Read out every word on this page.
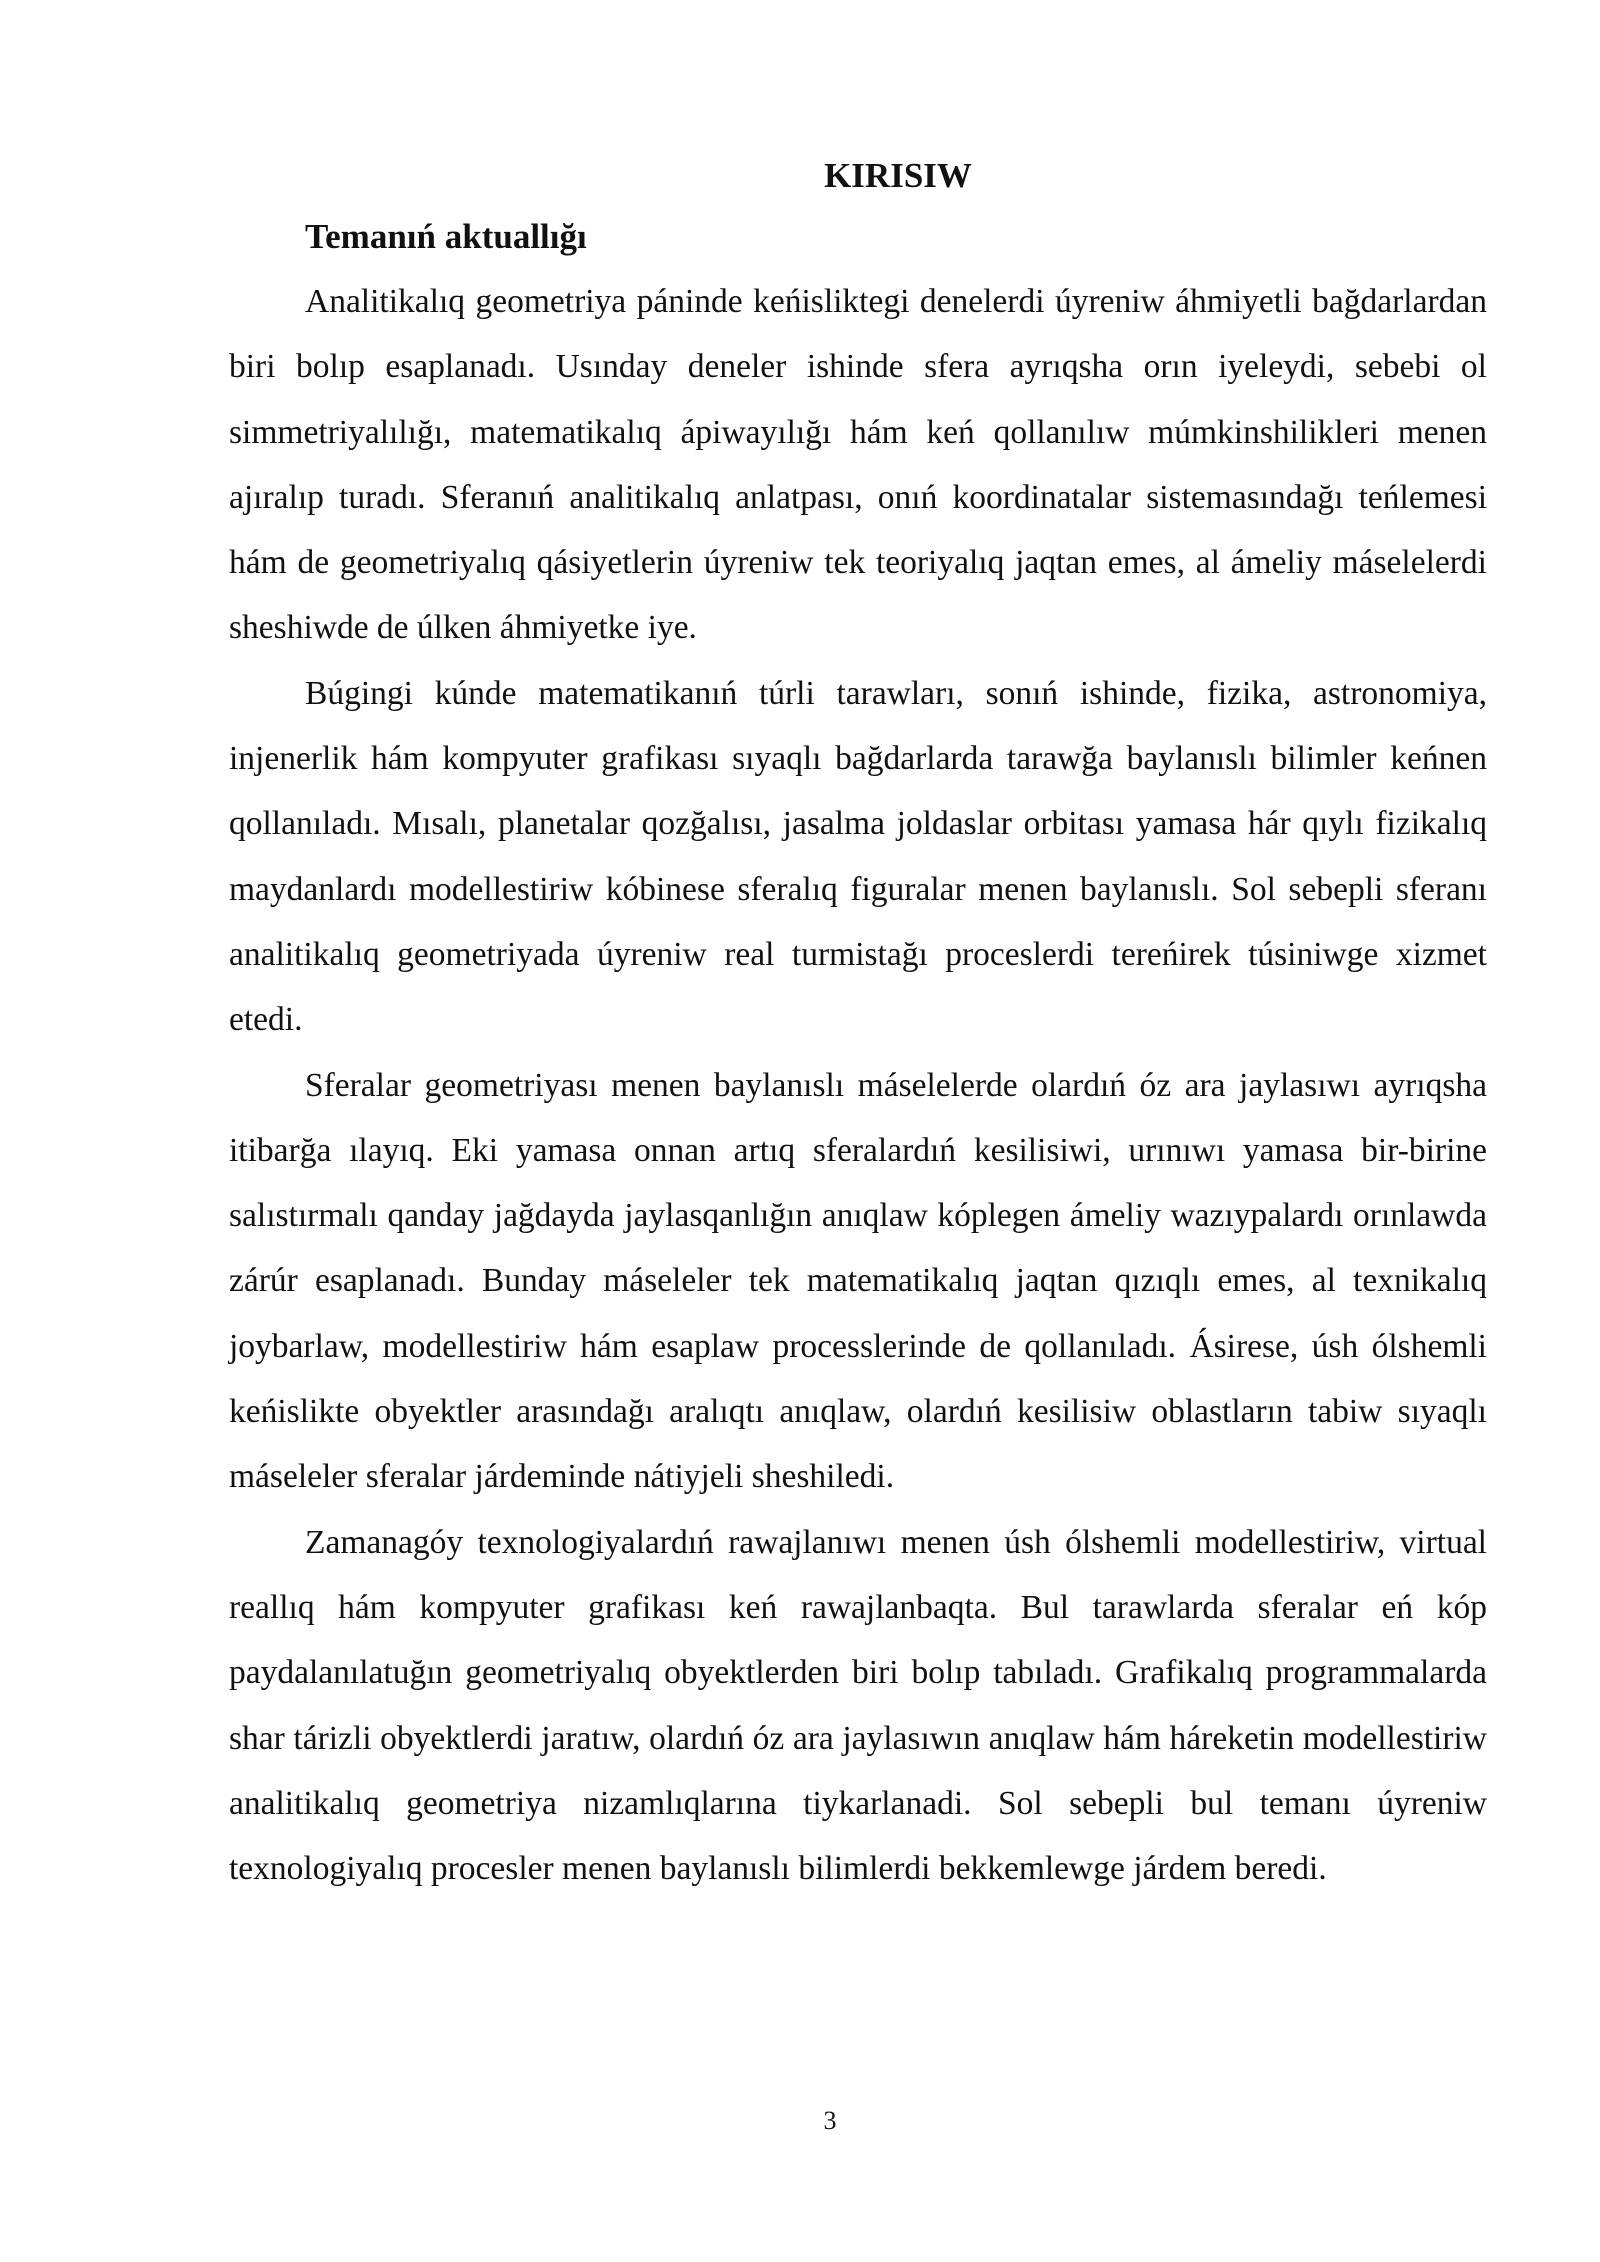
KIRISIW
Temanıń aktuallığı

Analitikalıq geometriya páninde keńisliktegi denelerdi úyreniw áhmiyetli bağdarlardan biri bolıp esaplanadı. Usınday deneler ishinde sfera ayrıqsha orın iyeleydi, sebebi ol simmetriyalılığı, matematikalıq ápiwayılığı hám keń qollanılıw múmkinshilikleri menen ajıralıp turadı. Sferanıń analitikalıq anlatpası, onıń koordinatalar sistemasındağı teńlemesi hám de geometriyalıq qásiyetlerin úyreniw tek teoriyalıq jaqtan emes, al ámeliy máselelerdi sheshiwde de úlken áhmiyetke iye.

Búgingi kúnde matematikanıń túrli tarawları, sonıń ishinde, fizika, astronomiya, injenerlik hám kompyuter grafikası sıyaqlı bağdarlarda tarawğa baylanıslı bilimler keńnen qollanıladı. Mısalı, planetalar qozğalısı, jasalma joldaslar orbitası yamasa hár qıylı fizikalıq maydanlardı modellestiriw kóbinese sferalıq figuralar menen baylanıslı. Sol sebepli sferanı analitikalıq geometriyada úyreniw real turmistağı proceslerdi tereńirek túsiniwge xizmet etedi.

Sferalar geometriyası menen baylanıslı máselelerde olardıń óz ara jaylasıwı ayrıqsha itibarğa ılayıq. Eki yamasa onnan artıq sferalardıń kesilisiwi, urınıwı yamasa bir-birine salıstırmalı qanday jağdayda jaylasqanlığın anıqlaw kóplegen ámeliy wazıypalardı orınlawda zárúr esaplanadı. Bunday máseleler tek matematikalıq jaqtan qızıqlı emes, al texnikalıq joybarlaw, modellestiriw hám esaplaw processlerinde de qollanıladı. Ásirese, úsh ólshemli keńislikte obyektler arasındağı aralıqtı anıqlaw, olardıń kesilisiw oblastların tabiw sıyaqlı máseleler sferalar járdeminde nátiyjeli sheshiledi.

Zamanagóy texnologiyalardıń rawajlanıwı menen úsh ólshemli modellestiriw, virtual reallıq hám kompyuter grafikası keń rawajlanbaqta. Bul tarawlarda sferalar eń kóp paydalanılatuğın geometriyalıq obyektlerden biri bolıp tabıladı. Grafikalıq programmalarda shar tárizli obyektlerdi jaratıw, olardıń óz ara jaylasıwın anıqlaw hám háreketin modellestiriw analitikalıq geometriya nizamlıqlarına tiykarlanadi. Sol sebepli bul temanı úyreniw texnologiyalıq procesler menen baylanıslı bilimlerdi bekkemlewge járdem beredi.

3
